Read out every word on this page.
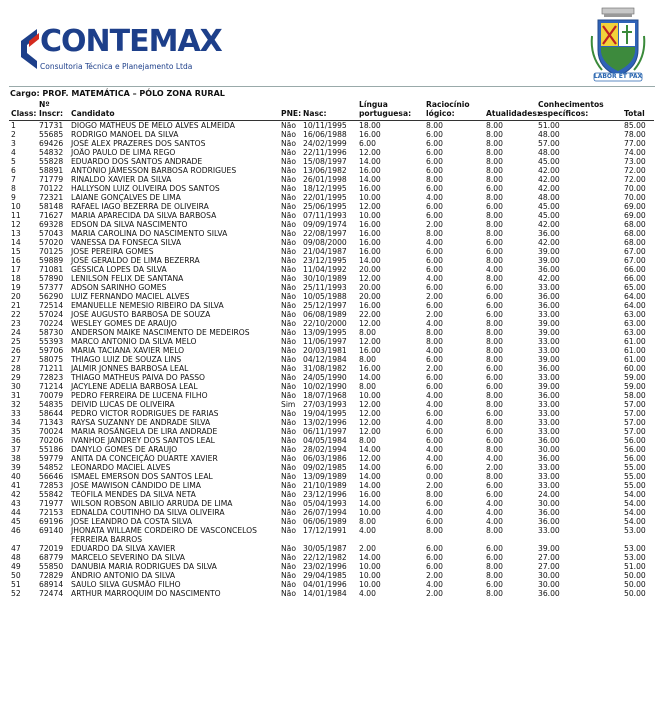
CONTEMAX
Consultoria Técnica e Planejamento Ltda
LABOR ET PAX
Cargo: PROF. MATEMÁTICA – PÓLO ZONA RURAL
Class:	Nº Inscr:	Candidato	PNE:	Nasc:	Língua portuguesa:	Raciocínio lógico:	Atualidades:	Conhecimentos específicos:	Total
1	71731	DIOGO MATHEUS DE MELO ALVES ALMEIDA	Não	10/11/1995	18.00	8.00	8.00	51.00	85.00
2	55685	RODRIGO MANOEL DA SILVA	Não	16/06/1988	16.00	6.00	8.00	48.00	78.00
3	69426	JOSÉ ALEX PRAZERES DOS SANTOS	Não	24/02/1999	6.00	6.00	8.00	57.00	77.00
4	54832	JOÃO PAULO DE LIMA REGO	Não	22/11/1996	12.00	6.00	8.00	48.00	74.00
5	55828	EDUARDO DOS SANTOS ANDRADE	Não	15/08/1997	14.00	6.00	8.00	45.00	73.00
6	58891	ANTÔNIO JÂMESSON BARBOSA RODRIGUES	Não	13/06/1982	16.00	6.00	8.00	42.00	72.00
7	71779	RINALDO XAVIER DA SILVA	Não	26/01/1998	14.00	8.00	8.00	42.00	72.00
8	70122	HALLYSON LUIZ OLIVEIRA DOS SANTOS	Não	18/12/1995	16.00	6.00	6.00	42.00	70.00
9	72321	LAIANE GONÇALVES DE LIMA	Não	22/01/1995	10.00	4.00	8.00	48.00	70.00
10	58148	RAFAEL IAGO BEZERRA DE OLIVEIRA	Não	25/06/1995	12.00	6.00	6.00	45.00	69.00
11	71627	MARIA APARECIDA DA SILVA BARBOSA	Não	07/11/1993	10.00	6.00	8.00	45.00	69.00
12	69328	EDSON DA SILVA NASCIMENTO	Não	09/09/1974	16.00	2.00	8.00	42.00	68.00
13	57043	MARIA CAROLINA DO NASCIMENTO SILVA	Não	22/08/1997	16.00	8.00	8.00	36.00	68.00
14	57020	VANESSA DA FONSECA SILVA	Não	09/08/2000	16.00	4.00	6.00	42.00	68.00
15	70125	JOSE PEREIRA GOMES	Não	21/04/1987	16.00	6.00	6.00	39.00	67.00
16	59889	JOSÉ GERALDO DE LIMA BEZERRA	Não	23/12/1995	14.00	6.00	8.00	39.00	67.00
17	71081	GÉSSICA LOPES DA SILVA	Não	11/04/1992	20.00	6.00	4.00	36.00	66.00
18	57890	LENILSON FELIX DE SANTANA	Não	30/10/1989	12.00	4.00	8.00	42.00	66.00
19	57377	ADSON SARINHO GOMES	Não	25/11/1993	20.00	6.00	6.00	33.00	65.00
20	56290	LUIZ FERNANDO MACIEL ALVES	Não	10/05/1988	20.00	2.00	6.00	36.00	64.00
21	72514	EMANUELLE NEMESIO RIBEIRO DA SILVA	Não	25/12/1997	16.00	6.00	6.00	36.00	64.00
22	57024	JOSÉ AUGUSTO BARBOSA DE SOUZA	Não	06/08/1989	22.00	2.00	6.00	33.00	63.00
23	70224	WESLEY GOMES DE ARAÚJO	Não	22/10/2000	12.00	4.00	8.00	39.00	63.00
24	58730	ANDERSON MAIKE NASCIMENTO DE MEDEIROS	Não	13/09/1995	8.00	8.00	8.00	39.00	63.00
25	55393	MARCO ANTONIO DA SILVA MELO	Não	11/06/1997	12.00	8.00	8.00	33.00	61.00
26	59706	MARIA TACIANA XAVIER MELO	Não	20/03/1981	16.00	4.00	8.00	33.00	61.00
27	58075	THIAGO LUIZ DE SOUZA LINS	Não	04/12/1984	8.00	6.00	8.00	39.00	61.00
28	71211	JALMIR JONNES BARBOSA LEAL	Não	31/08/1982	16.00	2.00	6.00	36.00	60.00
29	72823	THIAGO MATHEUS PAIVA DO PASSO	Não	24/05/1990	14.00	6.00	6.00	33.00	59.00
30	71214	JACYLENE ADELIA BARBOSA LEAL	Não	10/02/1990	8.00	6.00	6.00	39.00	59.00
31	70079	PEDRO FERREIRA DE LUCENA FILHO	Não	18/07/1968	10.00	4.00	8.00	36.00	58.00
32	54835	DEIVID LUCAS DE OLIVEIRA	Sim	27/03/1993	12.00	4.00	8.00	33.00	57.00
33	58644	PEDRO VICTOR RODRIGUES DE FARIAS	Não	19/04/1995	12.00	6.00	6.00	33.00	57.00
34	71343	RAYSA SUZANNY DE ANDRADE SILVA	Não	13/02/1996	12.00	4.00	8.00	33.00	57.00
35	70024	MARIA ROSÂNGELA DE LIRA ANDRADE	Não	06/11/1997	12.00	6.00	6.00	33.00	57.00
36	70206	IVANHOE JANDREY DOS SANTOS LEAL	Não	04/05/1984	8.00	6.00	6.00	36.00	56.00
37	55186	DANYLO GOMES DE ARAUJO	Não	28/02/1994	14.00	4.00	8.00	30.00	56.00
38	59779	ANITA DA CONCEIÇÃO DUARTE XAVIER	Não	06/03/1986	12.00	4.00	4.00	36.00	56.00
39	54852	LEONARDO MACIEL ALVES	Não	09/02/1985	14.00	6.00	2.00	33.00	55.00
40	56646	ISMAEL EMERSON DOS SANTOS LEAL	Não	13/09/1989	14.00	0.00	8.00	33.00	55.00
41	72853	JOSÉ MAWISON CÂNDIDO DE LIMA	Não	21/10/1989	14.00	2.00	6.00	33.00	55.00
42	55842	TEÓFILA MENDES DA SILVA NETA	Não	23/12/1996	16.00	8.00	6.00	24.00	54.00
43	71977	WILSON ROBSON ABILIO ARRUDA DE LIMA	Não	05/04/1993	14.00	6.00	4.00	30.00	54.00
44	72153	EDNALDA COUTINHO DA SILVA OLIVEIRA	Não	26/07/1994	10.00	4.00	4.00	36.00	54.00
45	69196	JOSE LEANDRO DA COSTA SILVA	Não	06/06/1989	8.00	6.00	4.00	36.00	54.00
46	69140	JHONATA WILLAME CORDEIRO DE VASCONCELOS FERREIRA BARROS	Não	17/12/1991	4.00	8.00	8.00	33.00	53.00
47	72019	EDUARDO DA SILVA XAVIER	Não	30/05/1987	2.00	6.00	6.00	39.00	53.00
48	68779	MARCELO SEVERINO DA SILVA	Não	22/12/1982	14.00	6.00	6.00	27.00	53.00
49	55850	DANUBIA MARIA RODRIGUES DA SILVA	Não	23/02/1996	10.00	6.00	8.00	27.00	51.00
50	72829	ÂNDRIO ANTONIO DA SILVA	Não	29/04/1985	10.00	2.00	8.00	30.00	50.00
51	68914	SAULO SILVA GUSMÃO FILHO	Não	04/01/1996	10.00	4.00	6.00	30.00	50.00
52	72474	ARTHUR MARROQUIM DO NASCIMENTO	Não	14/01/1984	4.00	2.00	8.00	36.00	50.00
